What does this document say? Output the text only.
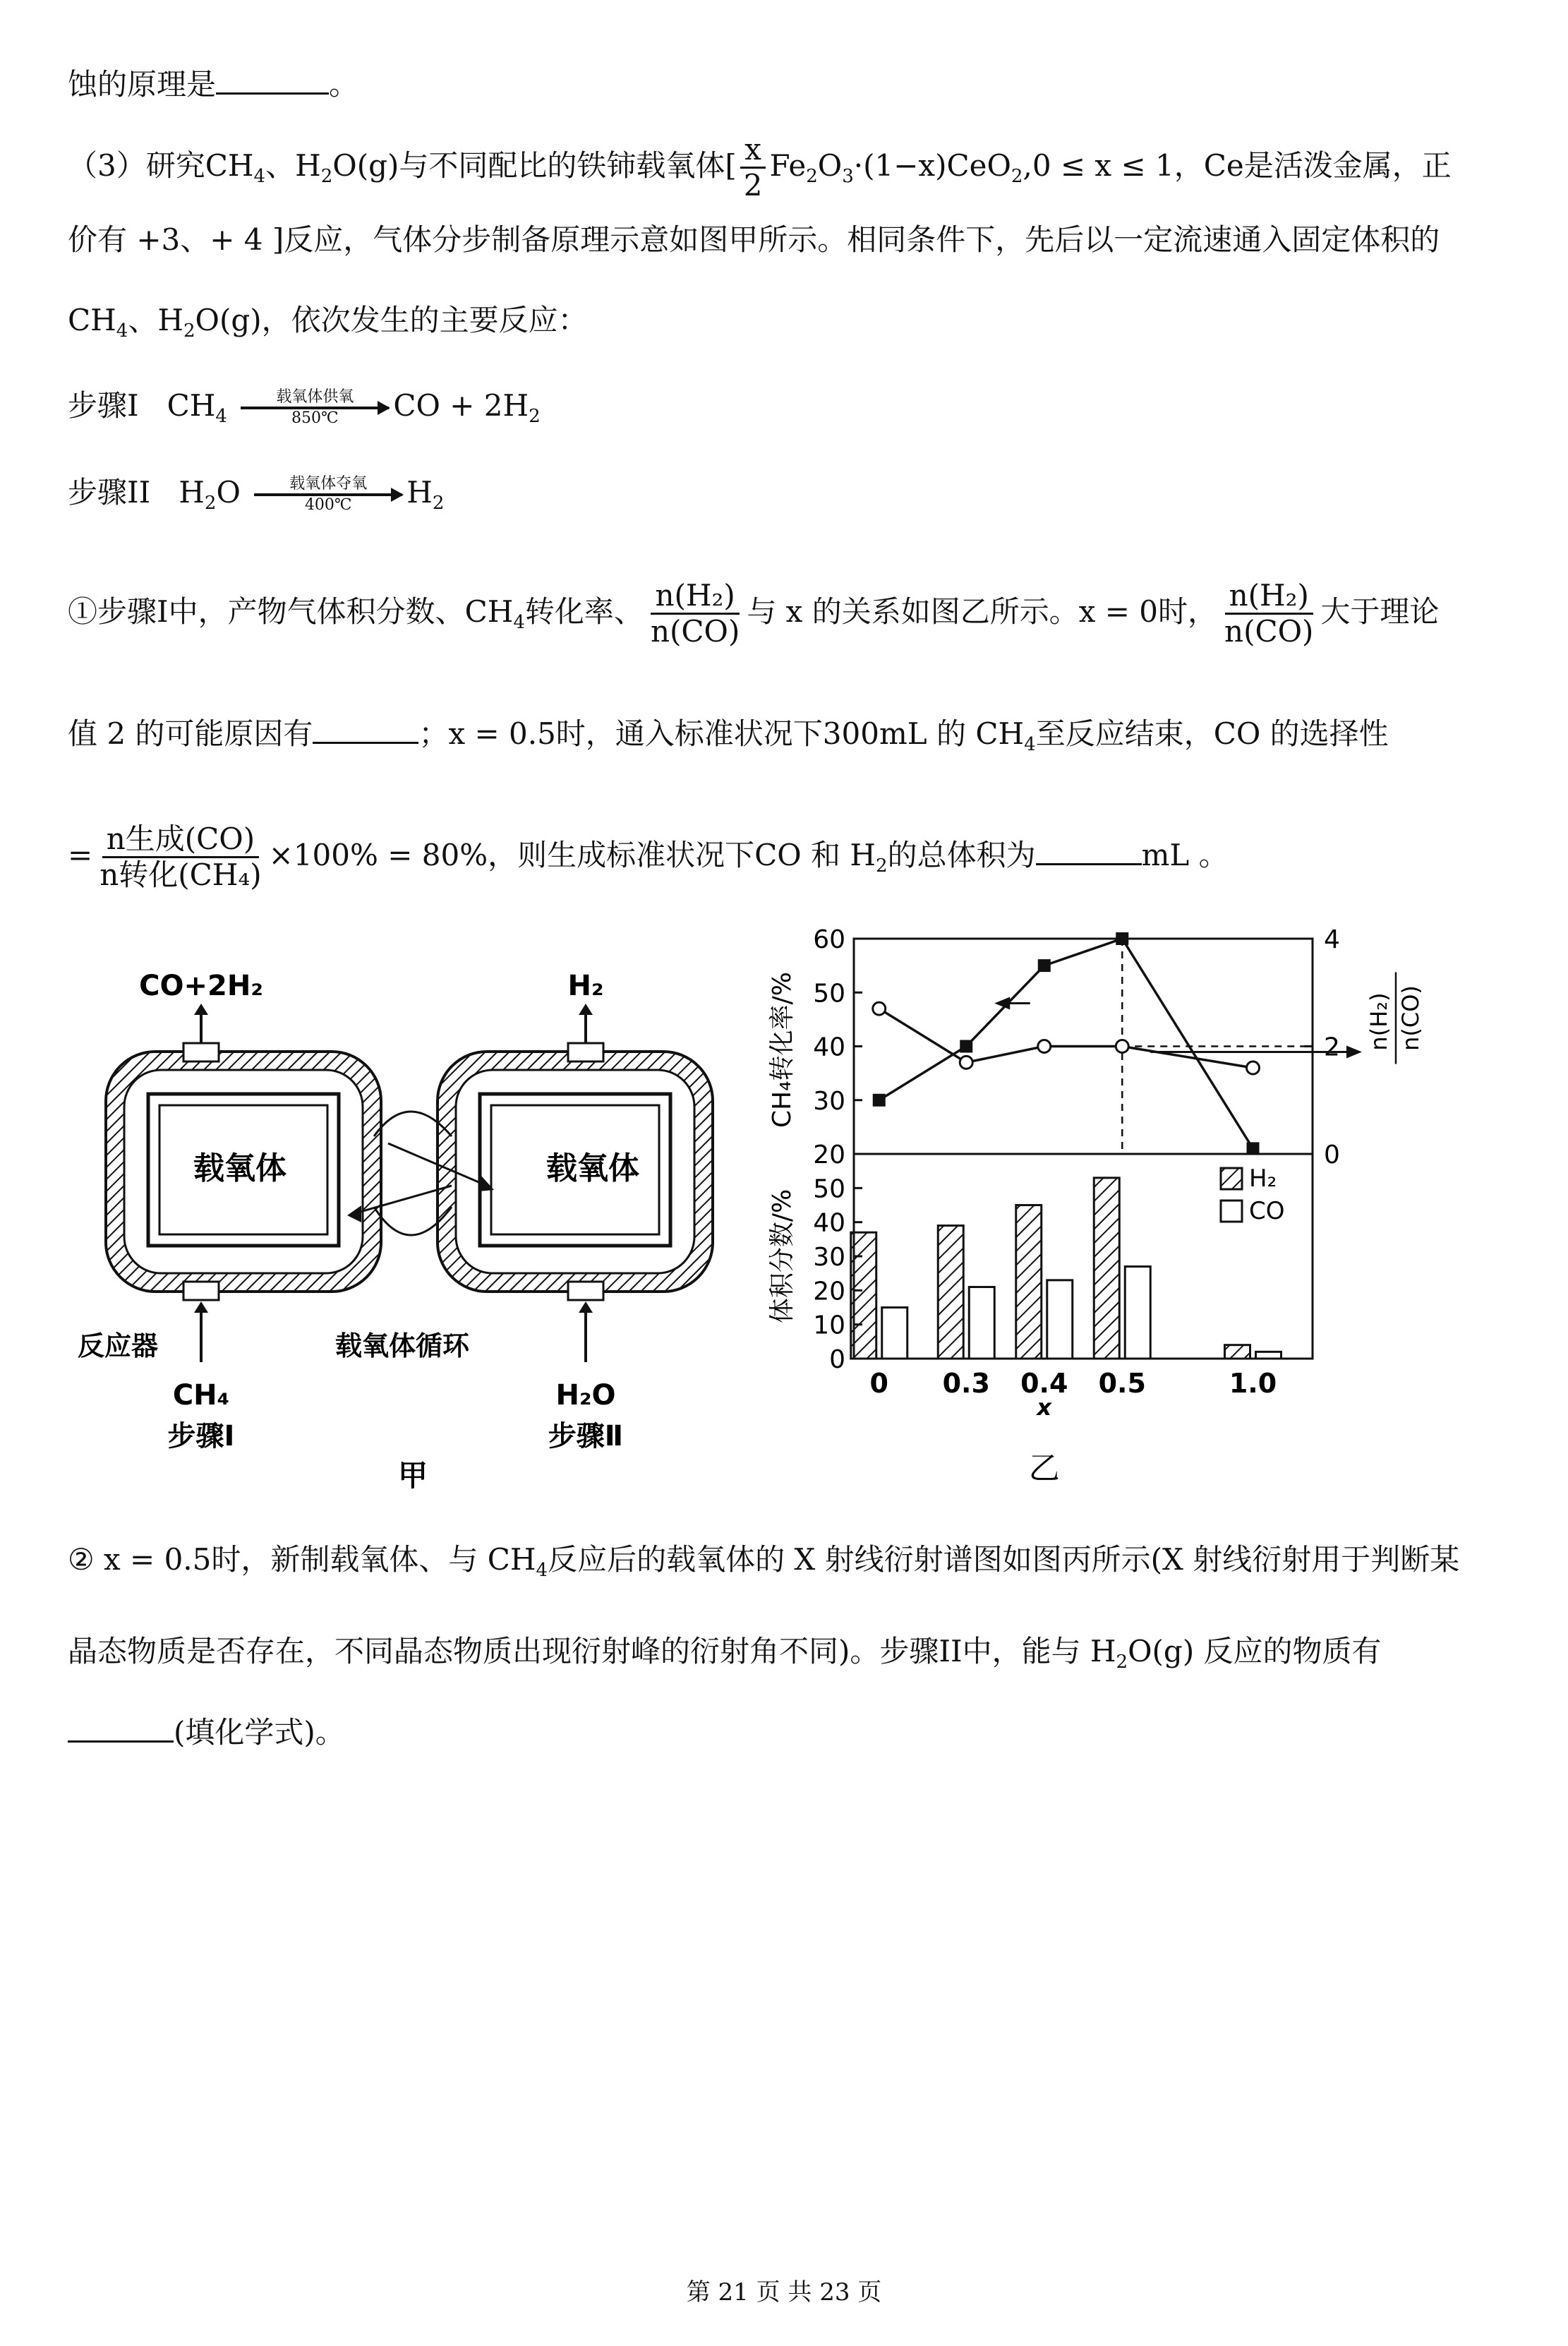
蚀的原理是	。
（3）研究$CH_4$、$H_2O(g)$与不同配比的铁铈载氧体[ $\frac{x}{2} Fe_2O_3\cdot(1-x)CeO_2,0 \le x \le 1$，Ce是活泼金属，正
价有 +3、+ 4 ]反应，气体分步制备原理示意如图甲所示。相同条件下，先后以一定流速通入固定体积的
$CH_4$、$H_2O(g)$，依次发生的主要反应：
步骤I $CH_4$
载氧体供氧
850℃ CO + $2H_2$
步骤II $H_2O$	载氧体夺氧
400℃ $H_2$
①步骤I中，产物气体积分数、$CH_4$转化率、 $\frac{\text{n(H₂)}}{n(CO)}$ 与 x 的关系如图乙所示。x = 0时， $\frac{\text{n(H₂)}}{n(CO)}$ 大于理论
值 2 的可能原因有	；x = 0.5时，通入标准状况下300mL 的 $CH_4$至反应结束，CO 的选择性
= $\frac{\text{n生成(CO)}}{\text{n转化(CH₄)}} \times 100\% = 80\%$，则生成标准状况下CO 和 $H_2$的总体积为	mL 。
CO+2H₂	H₂
载氧体	载氧体
反应器	载氧体循环
CH₄	H₂O
步骤Ⅰ	步骤Ⅱ
甲
20
30
40
50
60
0
2
4
CH₄转化率/%	n(H₂) n(CO)
0
10
20
30
40
50
0 0.3 0.4 0.5	1.0
x
体积分数/%
H₂
CO
乙
② x = 0.5时，新制载氧体、与 $CH_4$反应后的载氧体的 X 射线衍射谱图如图丙所示(X 射线衍射用于判断某
晶态物质是否存在，不同晶态物质出现衍射峰的衍射角不同)。步骤II中，能与 $H_2O(g)$ 反应的物质有
(填化学式)。
第 21 页 共 23 页
